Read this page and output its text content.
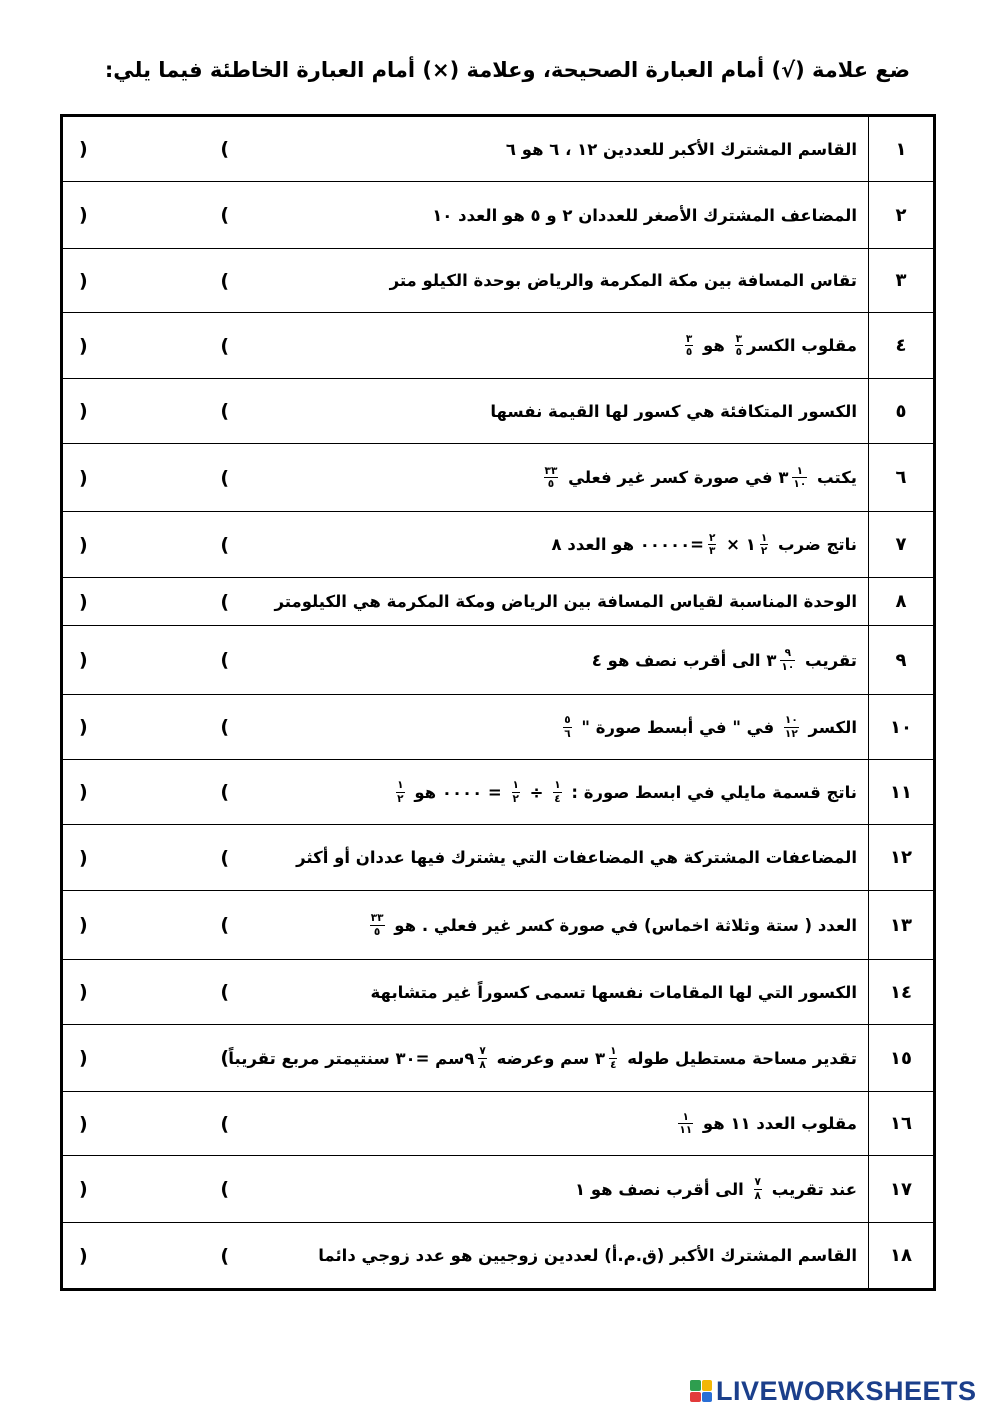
ضع علامة (√) أمام العبارة الصحيحة، وعلامة (×) أمام العبارة الخاطئة فيما يلي:
١
القاسم المشترك الأكبر للعددين ١٢ ، ٦ هو ٦
)	(
٢
المضاعف المشترك الأصغر للعددان ٢ و ٥ هو العدد ١٠
)	(
٣
تقاس المسافة بين مكة المكرمة والرياض بوحدة الكيلو متر
)	(
٤
مقلوب الكسر
$\frac{٣}{٥}$
هو
$\frac{٣}{٥}$
)	(
٥
الكسور المتكافئة هي كسور لها القيمة نفسها
)	(
٦
يكتب
$\frac{١}{١٠}$
٣ في صورة كسر غير فعلي
$\frac{٣٣}{٥}$
)	(
٧
ناتج ضرب
$\frac{١}{٢}$
١ ×
$\frac{٢}{٣}$
=٠٠٠٠٠ هو العدد ٨
)	(
٨
الوحدة المناسبة لقياس المسافة بين الرياض ومكة المكرمة هي الكيلومتر
)	(
٩
تقريب
$\frac{٩}{١٠}$
٣ الى أقرب نصف هو ٤
)	(
١٠
الكسر
$\frac{١٠}{١٢}$
في " في أبسط صورة "
$\frac{٥}{٦}$
)	(
١١
ناتج قسمة مايلي في ابسط صورة :
$\frac{١}{٤}$
÷
$\frac{١}{٢}$
= ٠٠٠٠ هو
$\frac{١}{٢}$
)	(
١٢
المضاعفات المشتركة هي المضاعفات التي يشترك فيها عددان أو أكثر
)	(
١٣
العدد ( ستة وثلاثة اخماس) في صورة كسر غير فعلي . هو
$\frac{٣٣}{٥}$
)	(
١٤
الكسور التي لها المقامات نفسها تسمى كسوراً غير متشابهة
)	(
١٥
تقدير مساحة مستطيل طوله
$\frac{١}{٤}$
٣ سم وعرضه
$\frac{٧}{٨}$
٩سم =٣٠ سنتيمتر مربع تقريباً
)	(
١٦
مقلوب العدد ١١ هو
$\frac{١}{١١}$
)	(
١٧
عند تقريب
$\frac{٧}{٨}$
الى أقرب نصف هو ١
)	(
١٨
القاسم المشترك الأكبر (ق.م.أ) لعددين زوجيين هو عدد زوجي دائما
)	(
LIVEWORKSHEETS
